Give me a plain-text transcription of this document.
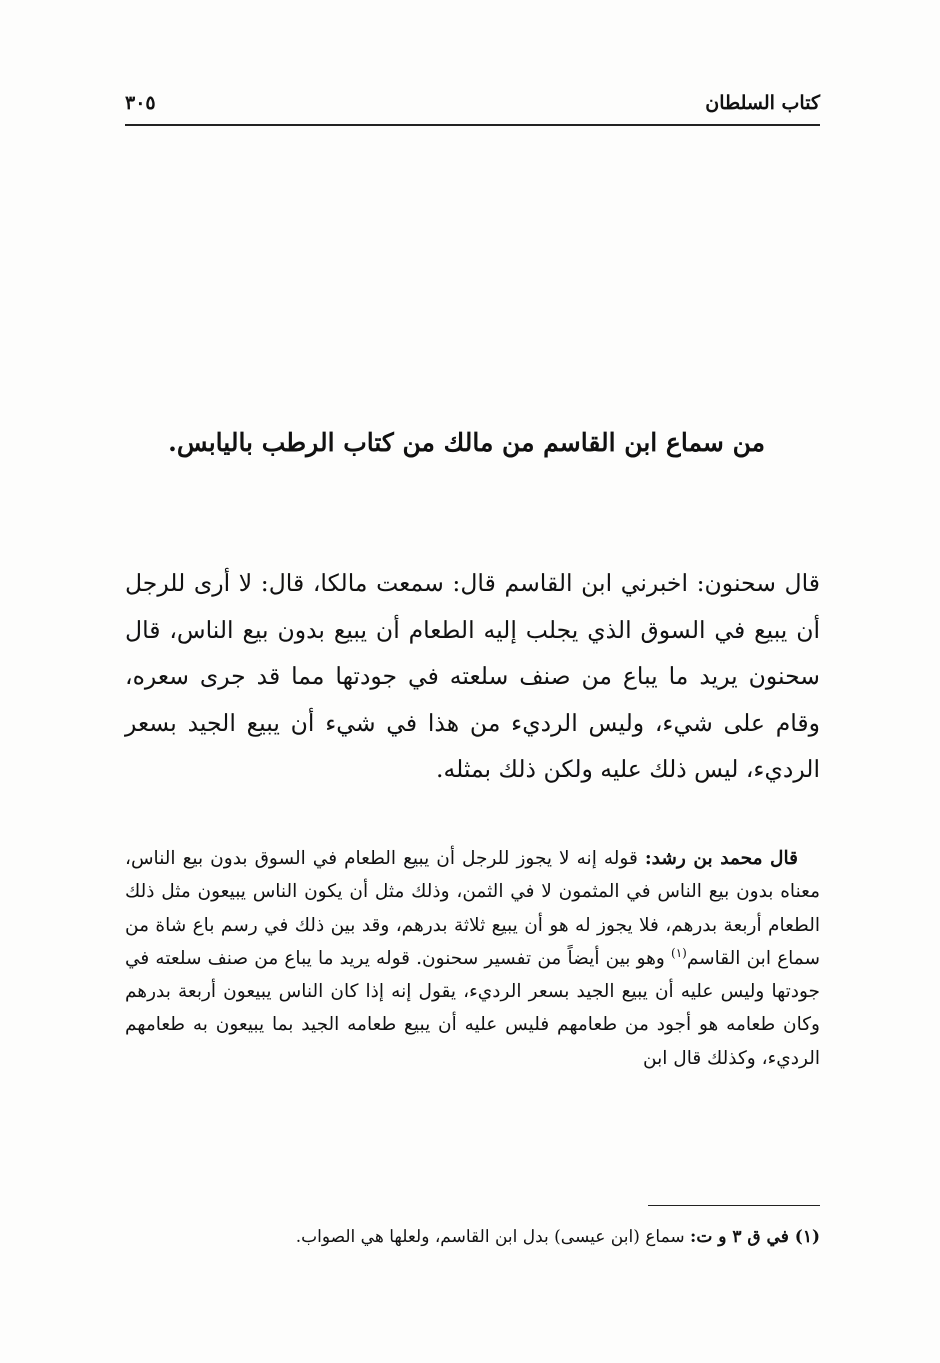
كتاب السلطان
٣٠٥
من سماع ابن القاسم من مالك من كتاب الرطب باليابس.

قال سحنون: اخبرني ابن القاسم قال: سمعت مالكا، قال: لا أرى للرجل أن يبيع في السوق الذي يجلب إليه الطعام أن يبيع بدون بيع الناس، قال سحنون يريد ما يباع من صنف سلعته في جودتها مما قد جرى سعره، وقام على شيء، وليس الرديء من هذا في شيء أن يبيع الجيد بسعر الرديء، ليس ذلك عليه ولكن ذلك بمثله.

قال محمد بن رشد: قوله إنه لا يجوز للرجل أن يبيع الطعام في السوق بدون بيع الناس، معناه بدون بيع الناس في المثمون لا في الثمن، وذلك مثل أن يكون الناس يبيعون مثل ذلك الطعام أربعة بدرهم، فلا يجوز له هو أن يبيع ثلاثة بدرهم، وقد بين ذلك في رسم باع شاة من سماع ابن القاسم$^{(١)}$ وهو بين أيضاً من تفسير سحنون. قوله يريد ما يباع من صنف سلعته في جودتها وليس عليه أن يبيع الجيد بسعر الرديء، يقول إنه إذا كان الناس يبيعون أربعة بدرهم وكان طعامه هو أجود من طعامهم فليس عليه أن يبيع طعامه الجيد بما يبيعون به طعامهم الرديء، وكذلك قال ابن

(١) في ق ٣ و ت: سماع (ابن عيسى) بدل ابن القاسم، ولعلها هي الصواب.
